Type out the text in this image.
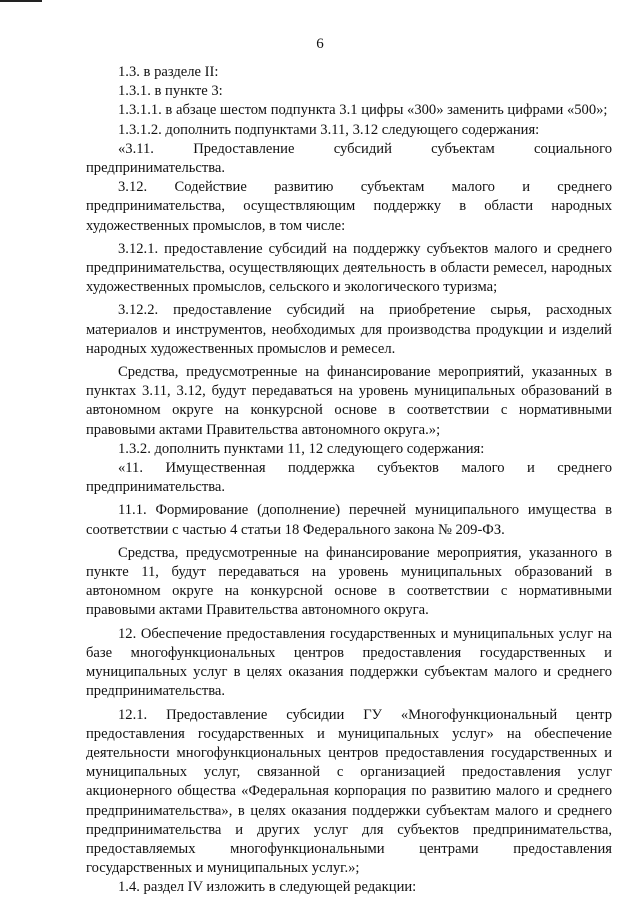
6

1.3. в разделе II:

1.3.1. в пункте 3:

1.3.1.1. в абзаце шестом подпункта 3.1 цифры «300» заменить цифрами «500»;

1.3.1.2. дополнить подпунктами 3.11, 3.12 следующего содержания:

«3.11. Предоставление субсидий субъектам социального предпринимательства.

3.12. Содействие развитию субъектам малого и среднего предпринимательства, осуществляющим поддержку в области народных художественных промыслов, в том числе:

3.12.1. предоставление субсидий на поддержку субъектов малого и среднего предпринимательства, осуществляющих деятельность в области ремесел, народных художественных промыслов, сельского и экологического туризма;

3.12.2. предоставление субсидий на приобретение сырья, расходных материалов и инструментов, необходимых для производства продукции и изделий народных художественных промыслов и ремесел.

Средства, предусмотренные на финансирование мероприятий, указанных в пунктах 3.11, 3.12, будут передаваться на уровень муниципальных образований в автономном округе на конкурсной основе в соответствии с нормативными правовыми актами Правительства автономного округа.»;

1.3.2. дополнить пунктами 11, 12 следующего содержания:

«11. Имущественная поддержка субъектов малого и среднего предпринимательства.

11.1. Формирование (дополнение) перечней муниципального имущества в соответствии с частью 4 статьи 18 Федерального закона № 209-ФЗ.

Средства, предусмотренные на финансирование мероприятия, указанного в пункте 11, будут передаваться на уровень муниципальных образований в автономном округе на конкурсной основе в соответствии с нормативными правовыми актами Правительства автономного округа.

12. Обеспечение предоставления государственных и муниципальных услуг на базе многофункциональных центров предоставления государственных и муниципальных услуг в целях оказания поддержки субъектам малого и среднего предпринимательства.

12.1. Предоставление субсидии ГУ «Многофункциональный центр предоставления государственных и муниципальных услуг» на обеспечение деятельности многофункциональных центров предоставления государственных и муниципальных услуг, связанной с организацией предоставления услуг акционерного общества «Федеральная корпорация по развитию малого и среднего предпринимательства», в целях оказания поддержки субъектам малого и среднего предпринимательства и других услуг для субъектов предпринимательства, предоставляемых многофункциональными центрами предоставления государственных и муниципальных услуг.»;

1.4. раздел IV изложить в следующей редакции:
